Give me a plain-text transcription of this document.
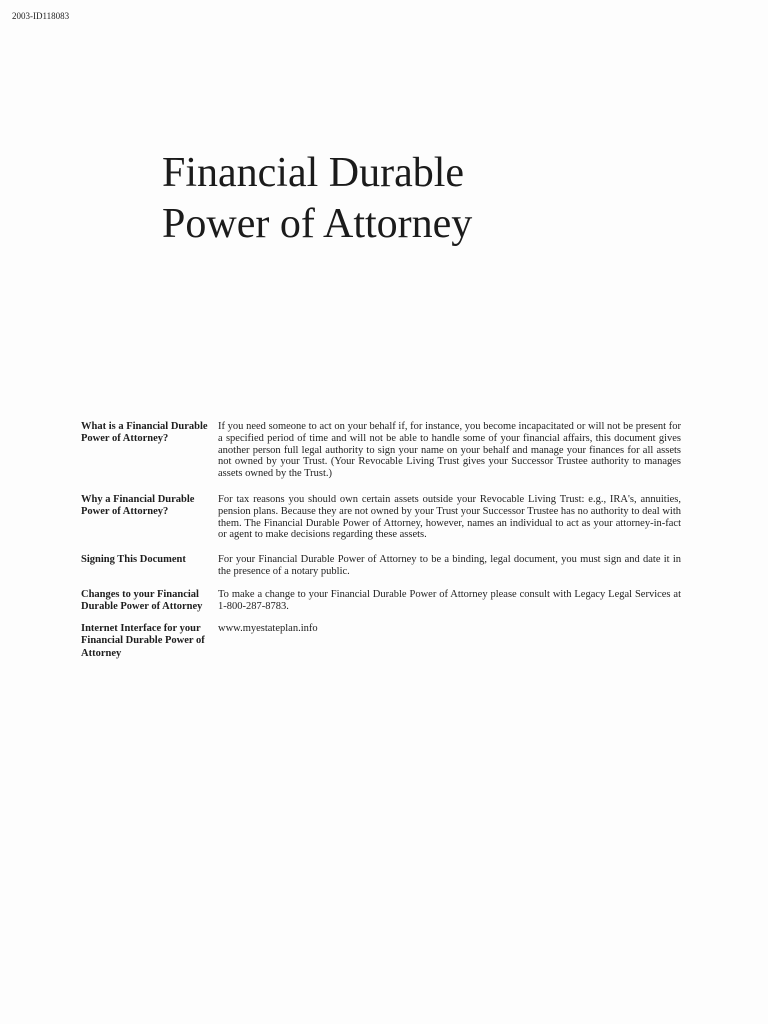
2003-ID118083
Financial Durable
Power of Attorney
What is a Financial Durable Power of Attorney?
If you need someone to act on your behalf if, for instance, you become incapacitated or will not be present for a specified period of time and will not be able to handle some of your financial affairs, this document gives another person full legal authority to sign your name on your behalf and manage your finances for all assets not owned by your Trust. (Your Revocable Living Trust gives your Successor Trustee authority to manages assets owned by the Trust.)
Why a Financial Durable Power of Attorney?
For tax reasons you should own certain assets outside your Revocable Living Trust: e.g., IRA's, annuities, pension plans. Because they are not owned by your Trust your Successor Trustee has no authority to deal with them. The Financial Durable Power of Attorney, however, names an individual to act as your attorney-in-fact or agent to make decisions regarding these assets.
Signing This Document	For your Financial Durable Power of Attorney to be a binding, legal document, you must sign and date it in the presence of a notary public.
Changes to your Financial Durable Power of Attorney
To make a change to your Financial Durable Power of Attorney please consult with Legacy Legal Services at 1-800-287-8783.
Internet Interface for your Financial Durable Power of Attorney
www.myestateplan.info
